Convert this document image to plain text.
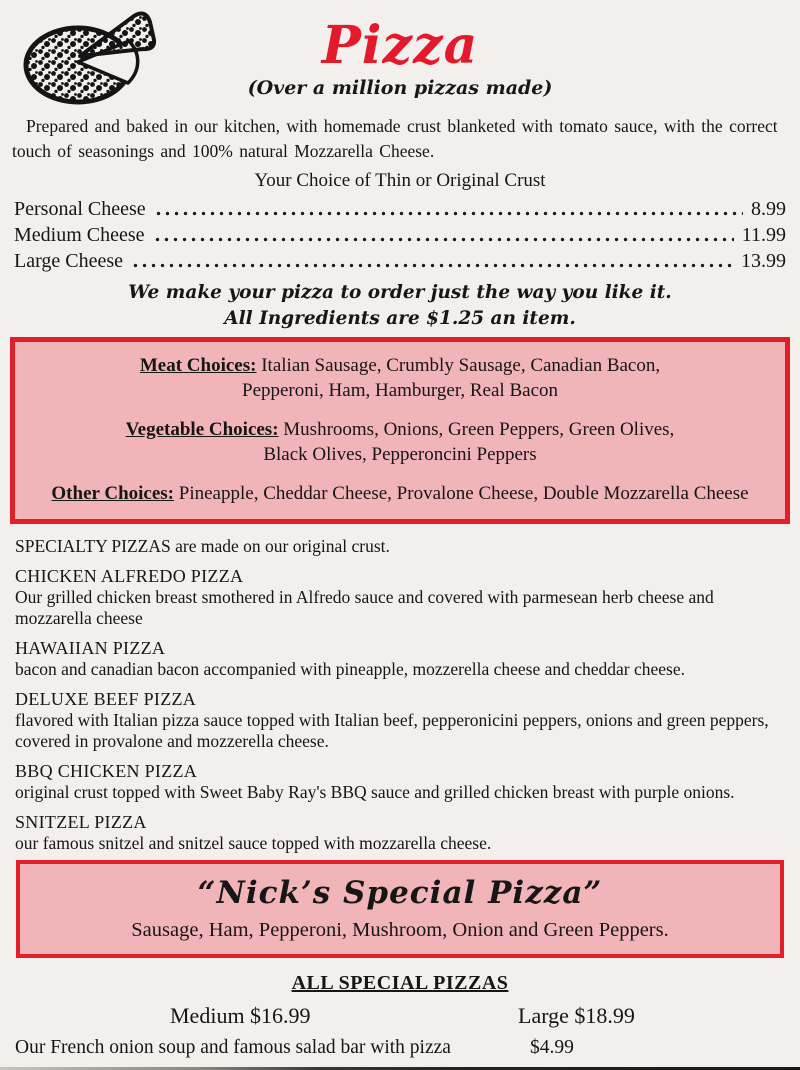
Pizza
(Over a million pizzas made)

Prepared and baked in our kitchen, with homemade crust blanketed with tomato sauce, with the correct touch of seasonings and 100% natural Mozzarella Cheese.

Your Choice of Thin or Original Crust
Personal Cheese	8.99
Medium Cheese	11.99
Large Cheese	13.99
We make your pizza to order just the way you like it.
All Ingredients are $1.25 an item.
Meat Choices: Italian Sausage, Crumbly Sausage, Canadian Bacon,
Pepperoni, Ham, Hamburger, Real Bacon
Vegetable Choices: Mushrooms, Onions, Green Peppers, Green Olives,
Black Olives, Pepperoncini Peppers
Other Choices: Pineapple, Cheddar Cheese, Provalone Cheese, Double Mozzarella Cheese
SPECIALTY PIZZAS are made on our original crust.
CHICKEN ALFREDO PIZZA
Our grilled chicken breast smothered in Alfredo sauce and covered with parmesean herb cheese and mozzarella cheese
HAWAIIAN PIZZA
bacon and canadian bacon accompanied with pineapple, mozzerella cheese and cheddar cheese.
DELUXE BEEF PIZZA
flavored with Italian pizza sauce topped with Italian beef, pepperonicini peppers, onions and green peppers, covered in provalone and mozzerella cheese.
BBQ CHICKEN PIZZA
original crust topped with Sweet Baby Ray's BBQ sauce and grilled chicken breast with purple onions.
SNITZEL PIZZA
our famous snitzel and snitzel sauce topped with mozzarella cheese.
“Nick’s Special Pizza”
Sausage, Ham, Pepperoni, Mushroom, Onion and Green Peppers.
ALL SPECIAL PIZZAS
Medium $16.99	Large $18.99
Our French onion soup and famous salad bar with pizza	$4.99
